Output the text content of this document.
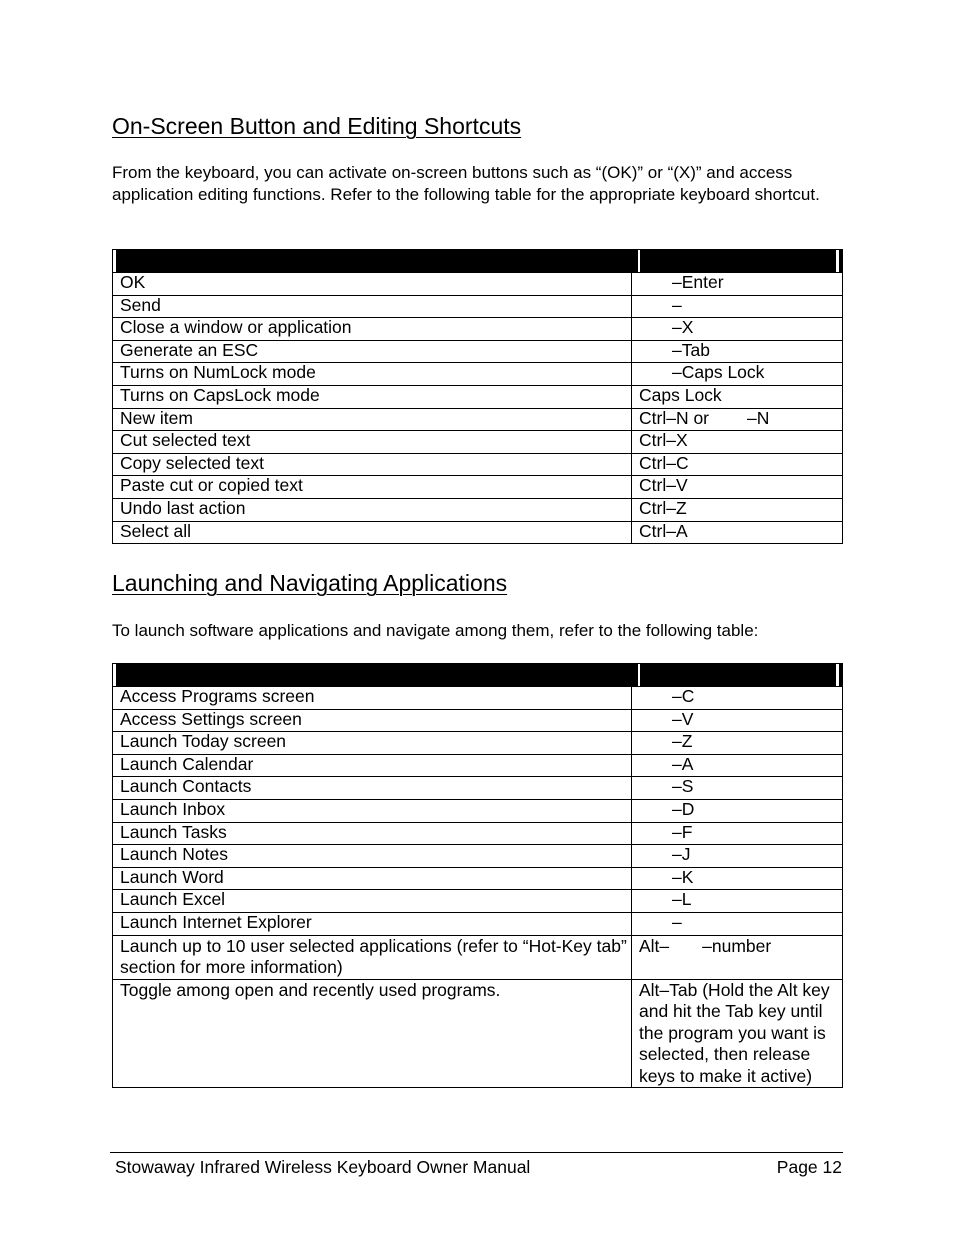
On-Screen Button and Editing Shortcuts

From the keyboard, you can activate on-screen buttons such as “(OK)” or “(X)” and access application editing functions. Refer to the following table for the appropriate keyboard shortcut.

OK	–Enter
Send	–
Close a window or application	–X
Generate an ESC	–Tab
Turns on NumLock mode	–Caps Lock
Turns on CapsLock mode	Caps Lock
New item	Ctrl–N or –N
Cut selected text	Ctrl–X
Copy selected text	Ctrl–C
Paste cut or copied text	Ctrl–V
Undo last action	Ctrl–Z
Select all	Ctrl–A
Launching and Navigating Applications

To launch software applications and navigate among them, refer to the following table:

Access Programs screen	–C
Access Settings screen	–V
Launch Today screen	–Z
Launch Calendar	–A
Launch Contacts	–S
Launch Inbox	–D
Launch Tasks	–F
Launch Notes	–J
Launch Word	–K
Launch Excel	–L
Launch Internet Explorer	–
Launch up to 10 user selected applications (refer to “Hot-Key tab” section for more information)	Alt– –number
Toggle among open and recently used programs.	Alt–Tab (Hold the Alt key and hit the Tab key until the program you want is selected, then release keys to make it active)
Stowaway Infrared Wireless Keyboard Owner Manual	Page 12
